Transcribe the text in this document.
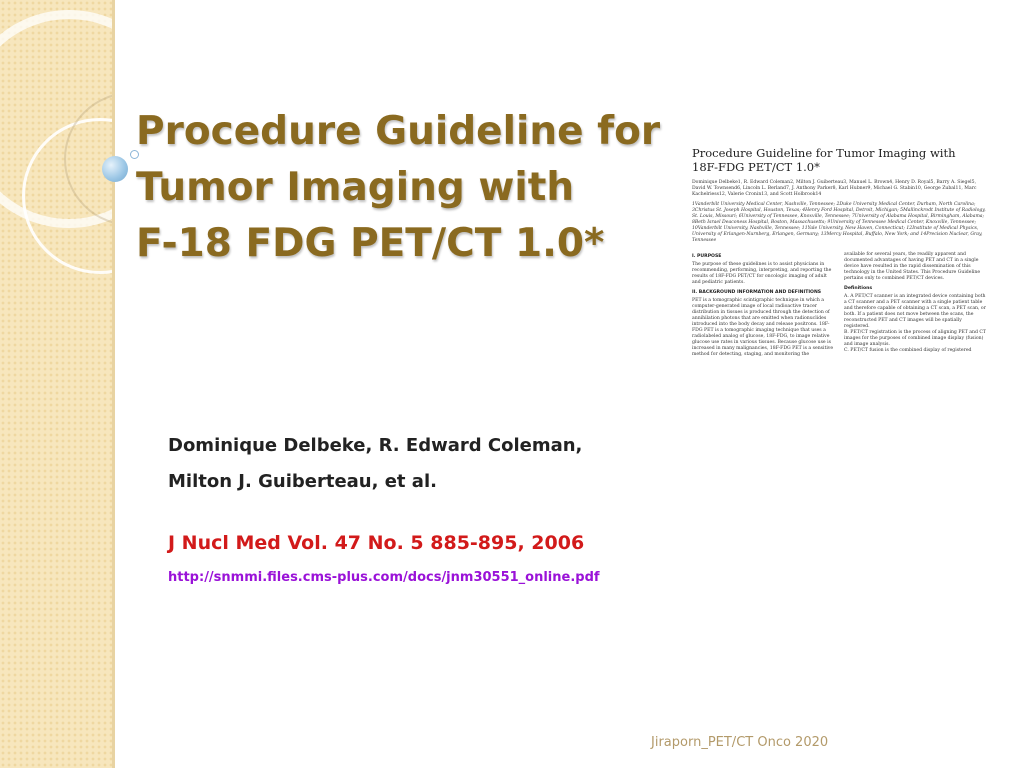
Procedure Guideline for
Tumor Imaging with
F-18 FDG PET/CT 1.0*
Procedure Guideline for Tumor Imaging with
18F-FDG PET/CT 1.0*
Dominique Delbeke1, R. Edward Coleman2, Milton J. Guiberteau3, Manuel L. Brown4, Henry D. Royal5, Barry A. Siegel5, David W. Townsend6, Lincoln L. Berland7, J. Anthony Parker8, Karl Hubner9, Michael G. Stabin10, George Zubal11, Marc Kachelriess12, Valerie Cronin13, and Scott Holbrook14
1Vanderbilt University Medical Center, Nashville, Tennessee; 2Duke University Medical Center, Durham, North Carolina; 3Christus St. Joseph Hospital, Houston, Texas; 4Henry Ford Hospital, Detroit, Michigan; 5Mallinckrodt Institute of Radiology, St. Louis, Missouri; 6University of Tennessee, Knoxville, Tennessee; 7University of Alabama Hospital, Birmingham, Alabama; 8Beth Israel Deaconess Hospital, Boston, Massachusetts; 9University of Tennessee Medical Center, Knoxville, Tennessee; 10Vanderbilt University, Nashville, Tennessee; 11Yale University, New Haven, Connecticut; 12Institute of Medical Physics, University of Erlangen-Nurnberg, Erlangen, Germany; 13Mercy Hospital, Buffalo, New York; and 14Precision Nuclear, Gray, Tennessee
I. PURPOSE

The purpose of these guidelines is to assist physicians in recommending, performing, interpreting, and reporting the results of 18F-FDG PET/CT for oncologic imaging of adult and pediatric patients.

II. BACKGROUND INFORMATION AND DEFINITIONS

PET is a tomographic scintigraphic technique in which a computer-generated image of local radioactive tracer distribution in tissues is produced through the detection of annihilation photons that are emitted when radionuclides introduced into the body decay and release positrons. 18F-FDG PET is a tomographic imaging technique that uses a radiolabeled analog of glucose, 18F-FDG, to image relative glucose use rates in various tissues. Because glucose use is increased in many malignancies, 18F-FDG PET is a sensitive method for detecting, staging, and monitoring the

available for several years, the readily apparent and documented advantages of having PET and CT in a single device have resulted in the rapid dissemination of this technology in the United States. This Procedure Guideline pertains only to combined PET/CT devices.

Definitions
A. A PET/CT scanner is an integrated device containing both a CT scanner and a PET scanner with a single patient table and therefore capable of obtaining a CT scan, a PET scan, or both. If a patient does not move between the scans, the reconstructed PET and CT images will be spatially registered.
B. PET/CT registration is the process of aligning PET and CT images for the purposes of combined image display (fusion) and image analysis.
C. PET/CT fusion is the combined display of registered
Dominique Delbeke, R. Edward Coleman,
Milton J. Guiberteau, et al.
J Nucl Med Vol. 47 No. 5 885-895, 2006
http://snmmi.files.cms-plus.com/docs/jnm30551_online.pdf
Jiraporn_PET/CT Onco 2020
